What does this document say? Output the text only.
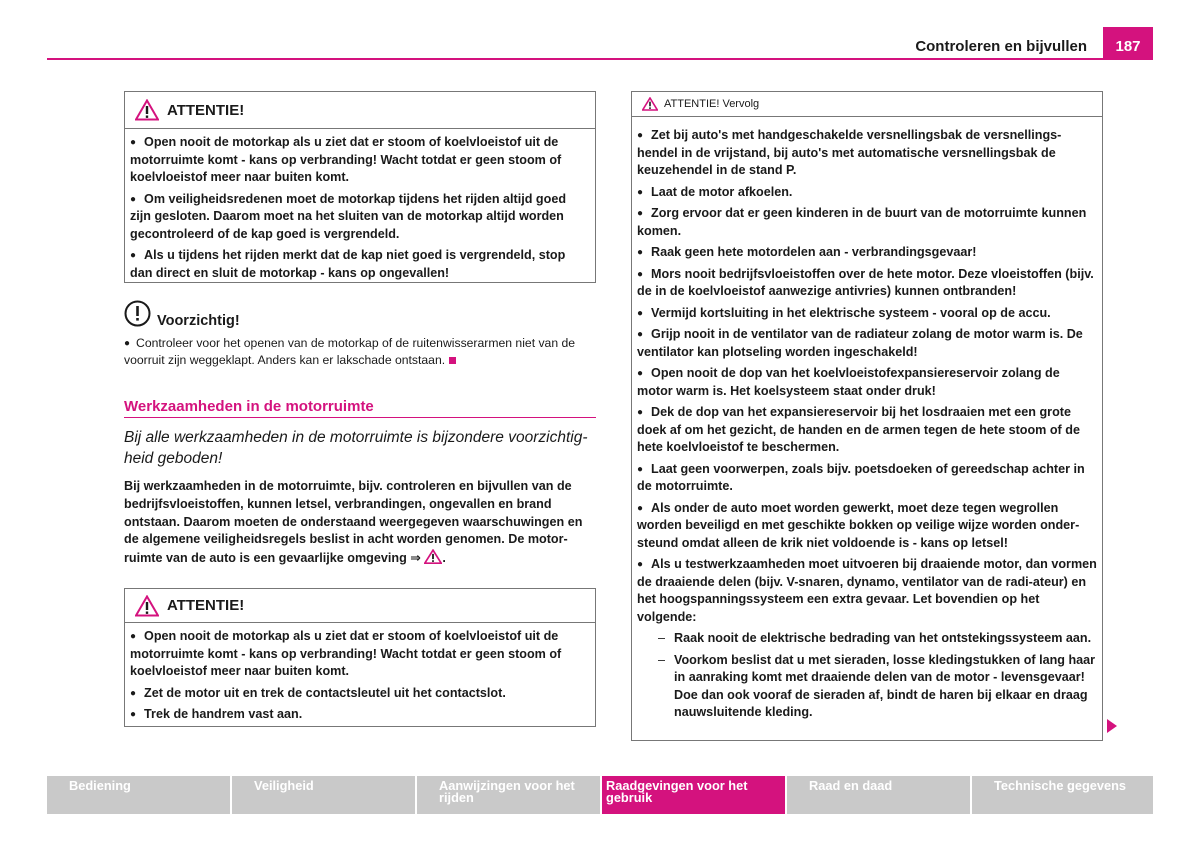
Controleren en bijvullen	187
ATTENTIE!
● Open nooit de motorkap als u ziet dat er stoom of koelvloeistof uit de motorruimte komt - kans op verbranding! Wacht totdat er geen stoom of koelvloeistof meer naar buiten komt.
● Om veiligheidsredenen moet de motorkap tijdens het rijden altijd goed zijn gesloten. Daarom moet na het sluiten van de motorkap altijd worden gecontroleerd of de kap goed is vergrendeld.
● Als u tijdens het rijden merkt dat de kap niet goed is vergrendeld, stop dan direct en sluit de motorkap - kans op ongevallen!
Voorzichtig!
● Controleer voor het openen van de motorkap of de ruitenwisserarmen niet van de voorruit zijn weggeklapt. Anders kan er lakschade ontstaan.
Werkzaamheden in de motorruimte
Bij alle werkzaamheden in de motorruimte is bijzondere voorzichtig-heid geboden!
Bij werkzaamheden in de motorruimte, bijv. controleren en bijvullen van de bedrijfsvloeistoffen, kunnen letsel, verbrandingen, ongevallen en brand ontstaan. Daarom moeten de onderstaand weergegeven waarschuwingen en de algemene veiligheidsregels beslist in acht worden genomen. De motor-ruimte van de auto is een gevaarlijke omgeving ⇒ .
ATTENTIE!
● Open nooit de motorkap als u ziet dat er stoom of koelvloeistof uit de motorruimte komt - kans op verbranding! Wacht totdat er geen stoom of koelvloeistof meer naar buiten komt.
● Zet de motor uit en trek de contactsleutel uit het contactslot.
● Trek de handrem vast aan.
ATTENTIE! Vervolg
● Zet bij auto's met handgeschakelde versnellingsbak de versnellings-hendel in de vrijstand, bij auto's met automatische versnellingsbak de keuzehendel in de stand P.
● Laat de motor afkoelen.
● Zorg ervoor dat er geen kinderen in de buurt van de motorruimte kunnen komen.
● Raak geen hete motordelen aan - verbrandingsgevaar!
● Mors nooit bedrijfsvloeistoffen over de hete motor. Deze vloeistoffen (bijv. de in de koelvloeistof aanwezige antivries) kunnen ontbranden!
● Vermijd kortsluiting in het elektrische systeem - vooral op de accu.
● Grijp nooit in de ventilator van de radiateur zolang de motor warm is. De ventilator kan plotseling worden ingeschakeld!
● Open nooit de dop van het koelvloeistofexpansiereservoir zolang de motor warm is. Het koelsysteem staat onder druk!
● Dek de dop van het expansiereservoir bij het losdraaien met een grote doek af om het gezicht, de handen en de armen tegen de hete stoom of de hete koelvloeistof te beschermen.
● Laat geen voorwerpen, zoals bijv. poetsdoeken of gereedschap achter in de motorruimte.
● Als onder de auto moet worden gewerkt, moet deze tegen wegrollen worden beveiligd en met geschikte bokken op veilige wijze worden onder-steund omdat alleen de krik niet voldoende is - kans op letsel!
● Als u testwerkzaamheden moet uitvoeren bij draaiende motor, dan vormen de draaiende delen (bijv. V-snaren, dynamo, ventilator van de radi-ateur) en het hoogspanningssysteem een extra gevaar. Let bovendien op het volgende:
– Raak nooit de elektrische bedrading van het ontstekingssysteem aan.
– Voorkom beslist dat u met sieraden, losse kledingstukken of lang haar in aanraking komt met draaiende delen van de motor - levensgevaar! Doe dan ook vooraf de sieraden af, bindt de haren bij elkaar en draag nauwsluitende kleding.
Bediening	Veiligheid	Aanwijzingen voor het rijden
Raadgevingen voor het gebruik
Raad en daad	Technische gegevens
